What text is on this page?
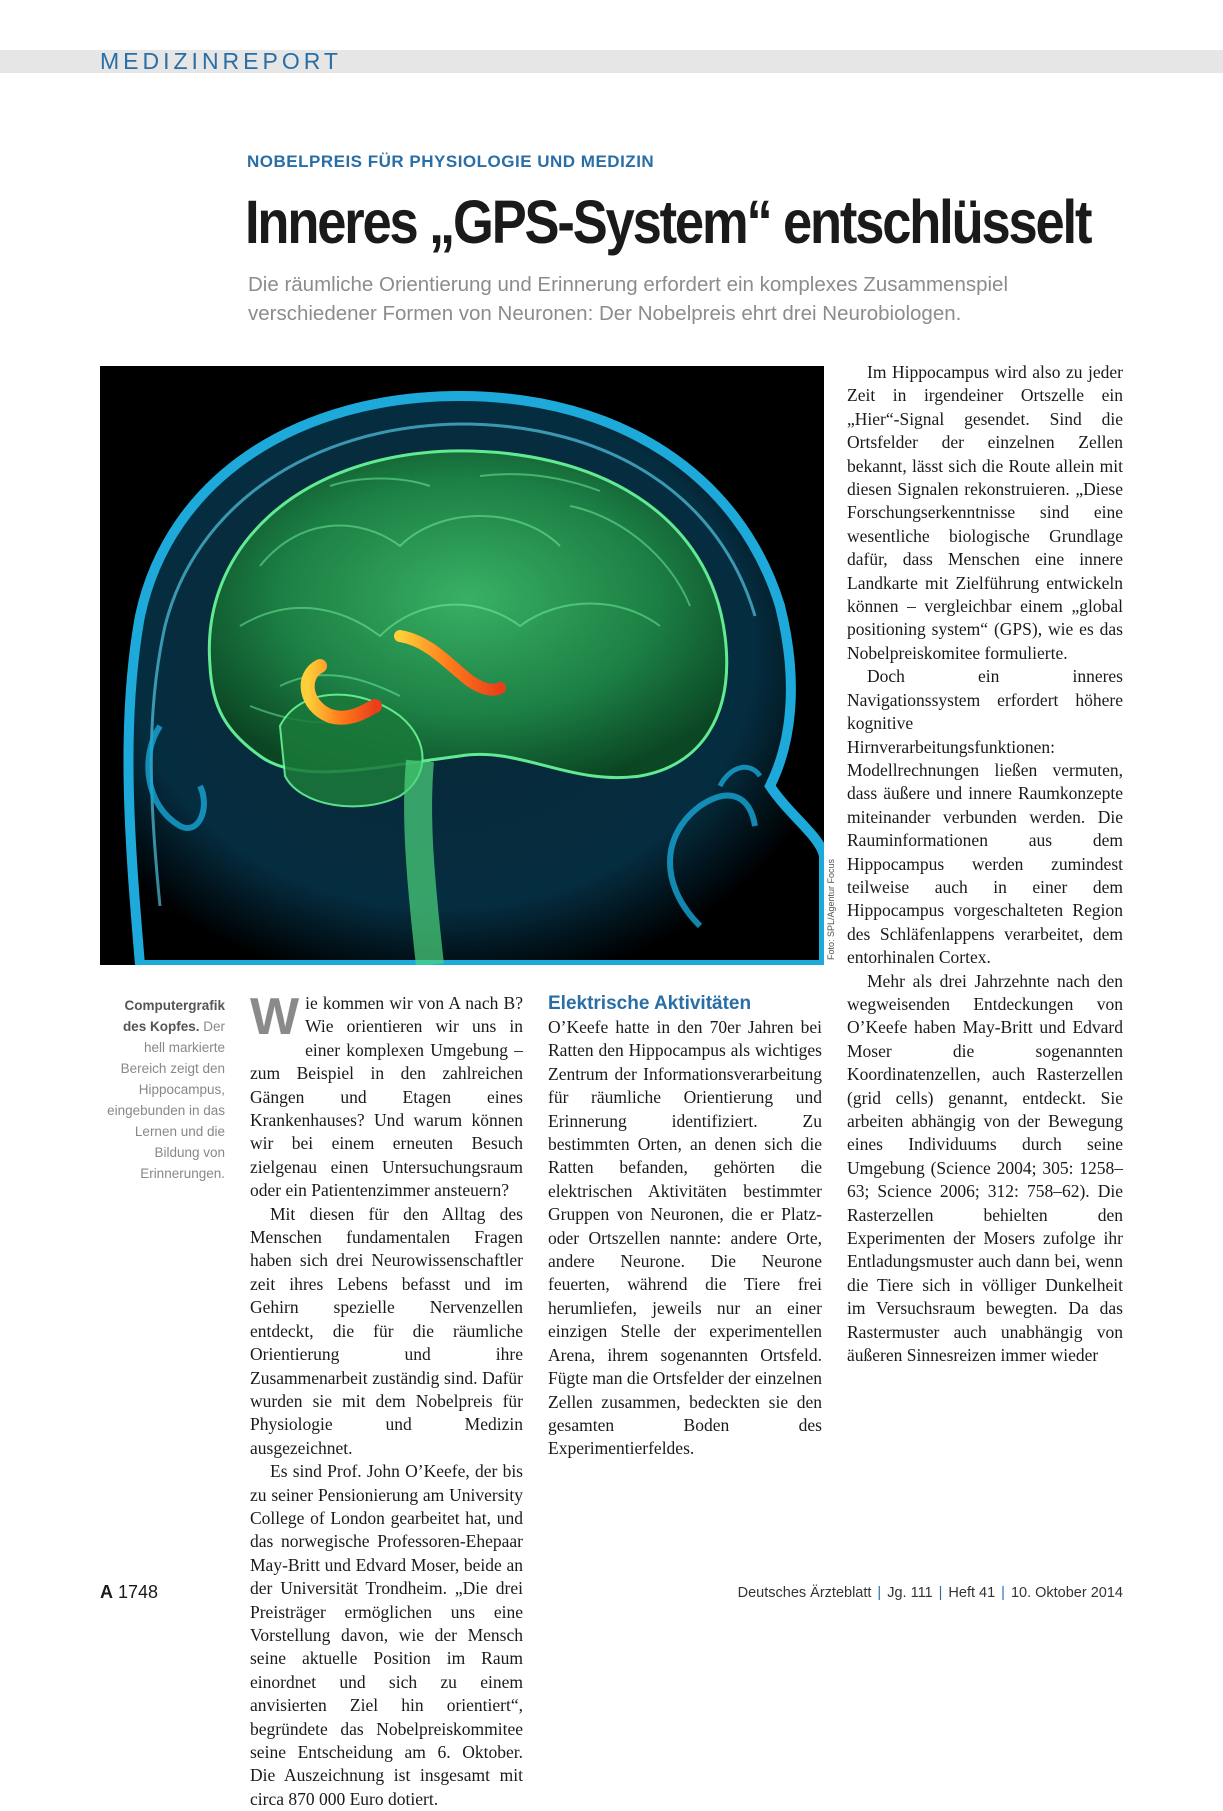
MEDIZINREPORT
NOBELPREIS FÜR PHYSIOLOGIE UND MEDIZIN
Inneres „GPS-System“ entschlüsselt
Die räumliche Orientierung und Erinnerung erfordert ein komplexes Zusammenspiel verschiedener Formen von Neuronen: Der Nobelpreis ehrt drei Neurobiologen.
Foto: SPL/Agentur Focus
Computergrafik des Kopfes. Der hell markierte Bereich zeigt den Hippocampus, eingebunden in das Lernen und die Bildung von Erinnerungen.
W ie kommen wir von A nach B? Wie orientieren wir uns in einer komplexen Umgebung – zum Beispiel in den zahlreichen Gängen und Etagen eines Krankenhauses? Und warum können wir bei einem erneuten Besuch zielgenau einen Untersuchungsraum oder ein Patientenzimmer ansteuern?

Mit diesen für den Alltag des Menschen fundamentalen Fragen haben sich drei Neurowissenschaftler zeit ihres Lebens befasst und im Gehirn spezielle Nervenzellen entdeckt, die für die räumliche Orientierung und ihre Zusammenarbeit zuständig sind. Dafür wurden sie mit dem Nobelpreis für Physiologie und Medizin ausgezeichnet.

Es sind Prof. John O’Keefe, der bis zu seiner Pensionierung am University College of London gearbeitet hat, und das norwegische Professoren-Ehepaar May-Britt und Edvard Moser, beide an der Universität Trondheim. „Die drei Preisträger ermöglichen uns eine Vorstellung davon, wie der Mensch seine aktuelle Position im Raum einordnet und sich zu einem anvisierten Ziel hin orientiert“, begründete das Nobelpreiskommitee seine Entscheidung am 6. Oktober. Die Auszeichnung ist insgesamt mit circa 870 000 Euro dotiert.

Elektrische Aktivitäten

O’Keefe hatte in den 70er Jahren bei Ratten den Hippocampus als wichtiges Zentrum der Informationsverarbeitung für räumliche Orientierung und Erinnerung identifiziert. Zu bestimmten Orten, an denen sich die Ratten befanden, gehörten die elektrischen Aktivitäten bestimmter Gruppen von Neuronen, die er Platz- oder Ortszellen nannte: andere Orte, andere Neurone. Die Neurone feuerten, während die Tiere frei herumliefen, jeweils nur an einer einzigen Stelle der experimentellen Arena, ihrem sogenannten Ortsfeld. Fügte man die Ortsfelder der einzelnen Zellen zusammen, bedeckten sie den gesamten Boden des Experimentierfeldes.

Im Hippocampus wird also zu jeder Zeit in irgendeiner Ortszelle ein „Hier“-Signal gesendet. Sind die Ortsfelder der einzelnen Zellen bekannt, lässt sich die Route allein mit diesen Signalen rekonstruieren. „Diese Forschungserkenntnisse sind eine wesentliche biologische Grundlage dafür, dass Menschen eine innere Landkarte mit Zielführung entwickeln können – vergleichbar einem „global positioning system“ (GPS), wie es das Nobelpreiskomitee formulierte.

Doch ein inneres Navigationssystem erfordert höhere kognitive Hirnverarbeitungsfunktionen: Modellrechnungen ließen vermuten, dass äußere und innere Raumkonzepte miteinander verbunden werden. Die Rauminformationen aus dem Hippocampus werden zumindest teilweise auch in einer dem Hippocampus vorgeschalteten Region des Schläfenlappens verarbeitet, dem entorhinalen Cortex.

Mehr als drei Jahrzehnte nach den wegweisenden Entdeckungen von O’Keefe haben May-Britt und Edvard Moser die sogenannten Koordinatenzellen, auch Rasterzellen (grid cells) genannt, entdeckt. Sie arbeiten abhängig von der Bewegung eines Individuums durch seine Umgebung (Science 2004; 305: 1258–63; Science 2006; 312: 758–62). Die Rasterzellen behielten den Experimenten der Mosers zufolge ihr Entladungsmuster auch dann bei, wenn die Tiere sich in völliger Dunkelheit im Versuchsraum bewegten. Da das Rastermuster auch unabhängig von äußeren Sinnesreizen immer wieder

A 1748	Deutsches Ärzteblatt | Jg. 111 | Heft 41 | 10. Oktober 2014
